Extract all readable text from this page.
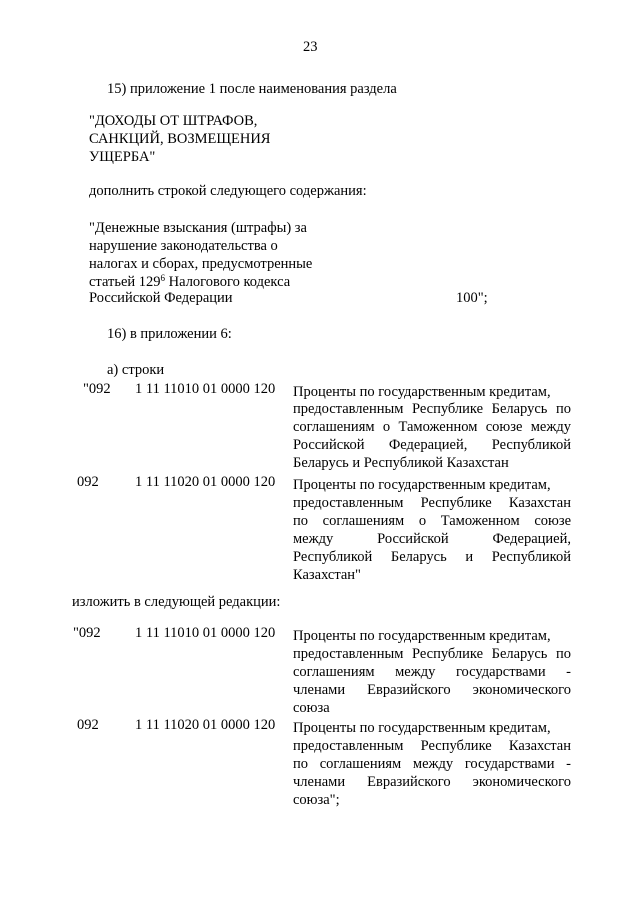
23
15) приложение 1 после наименования раздела
"ДОХОДЫ ОТ ШТРАФОВ,
САНКЦИЙ, ВОЗМЕЩЕНИЯ
УЩЕРБА"
дополнить строкой следующего содержания:
"Денежные взыскания (штрафы) за
нарушение законодательства о
налогах и сборах, предусмотренные
статьей $129^6$ Налогового кодекса
Российской Федерации	100";
16) в приложении 6:
а) строки
"092 1 11 11010 01 0000 120 Проценты по государственным кредитам,
предоставленным Республике Беларусь по
соглашениям о Таможенном союзе между
Российской Федерацией, Республикой
Беларусь и Республикой Казахстан
092	1 11 11020 01 0000 120 Проценты по государственным кредитам,
предоставленным Республике Казахстан
по соглашениям о Таможенном союзе
между Российской Федерацией,
Республикой Беларусь и Республикой
Казахстан"
изложить в следующей редакции:
"092 1 11 11010 01 0000 120 Проценты по государственным кредитам,
предоставленным Республике Беларусь по
соглашениям между государствами -
членами Евразийского экономического
союза
092	1 11 11020 01 0000 120 Проценты по государственным кредитам,
предоставленным Республике Казахстан
по соглашениям между государствами -
членами Евразийского экономического
союза";
